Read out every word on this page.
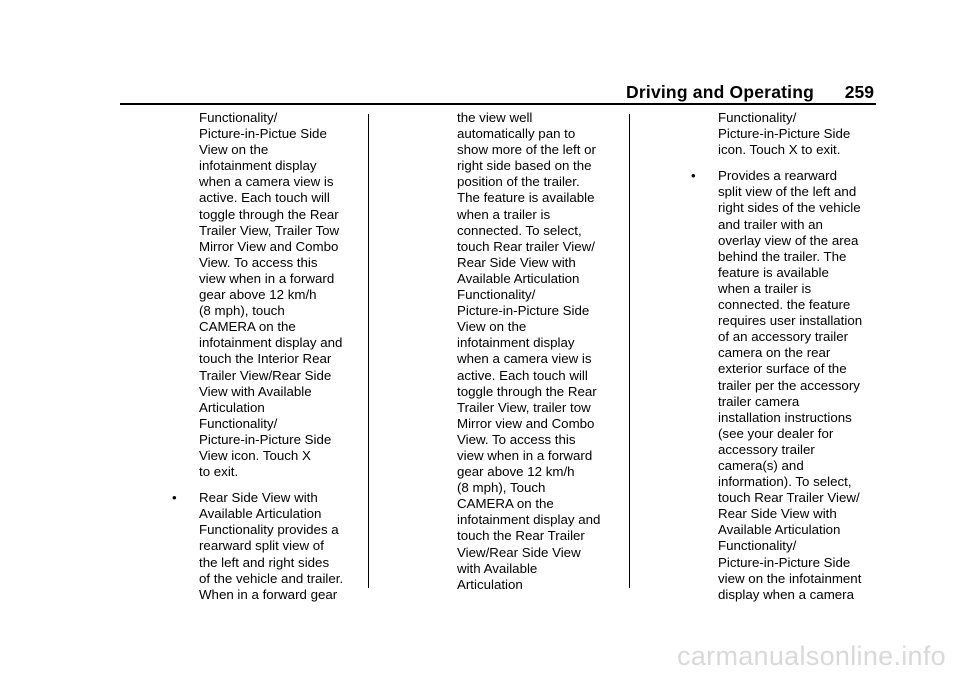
Driving and Operating 259
Functionality/
Picture-in-Pictue Side
View on the
infotainment display
when a camera view is
active. Each touch will
toggle through the Rear
Trailer View, Trailer Tow
Mirror View and Combo
View. To access this
view when in a forward
gear above 12 km/h
(8 mph), touch
CAMERA on the
infotainment display and
touch the Interior Rear
Trailer View/Rear Side
View with Available
Articulation
Functionality/
Picture-in-Picture Side
View icon. Touch X
to exit.
• Rear Side View with
Available Articulation
Functionality provides a
rearward split view of
the left and right sides
of the vehicle and trailer.
When in a forward gear
the view well
automatically pan to
show more of the left or
right side based on the
position of the trailer.
The feature is available
when a trailer is
connected. To select,
touch Rear trailer View/
Rear Side View with
Available Articulation
Functionality/
Picture-in-Picture Side
View on the
infotainment display
when a camera view is
active. Each touch will
toggle through the Rear
Trailer View, trailer tow
Mirror view and Combo
View. To access this
view when in a forward
gear above 12 km/h
(8 mph), Touch
CAMERA on the
infotainment display and
touch the Rear Trailer
View/Rear Side View
with Available
Articulation
Functionality/
Picture-in-Picture Side
icon. Touch X to exit.
• Provides a rearward
split view of the left and
right sides of the vehicle
and trailer with an
overlay view of the area
behind the trailer. The
feature is available
when a trailer is
connected. the feature
requires user installation
of an accessory trailer
camera on the rear
exterior surface of the
trailer per the accessory
trailer camera
installation instructions
(see your dealer for
accessory trailer
camera(s) and
information). To select,
touch Rear Trailer View/
Rear Side View with
Available Articulation
Functionality/
Picture-in-Picture Side
view on the infotainment
display when a camera
carmanualsonline.info
